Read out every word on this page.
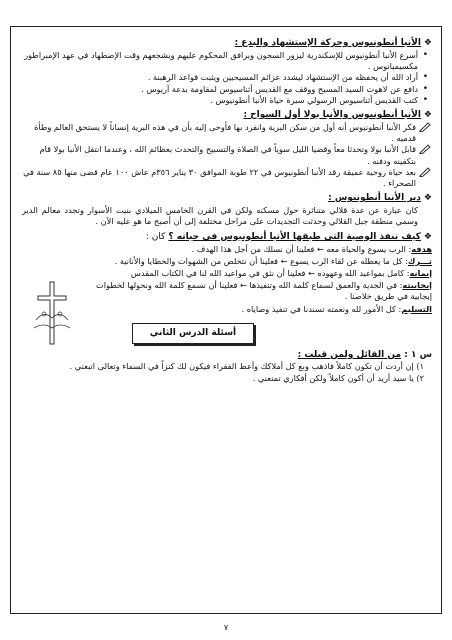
❖
الأنبا أنطونيوس وحركة الإستشهاد والبدع :
• أسرع الأنبا أنطونيوس للإسكندرية ليزور السجون ويرافق المحكوم عليهم ويشجعهم وقت الإضطهاد في عهد الإمبراطور مكسيميانوس .
• أراد الله أن يحفظه من الإستشهاد ليشدد عزائم المسيحيين ويثبت قواعد الرهبنة .
• دافع عن لاهوت السيد المسيح ووقف مع القديس أثناسيوس لمقاومة بدعة آريوس .
• كتب القديس أثناسيوس الرسولي سيرة حياة الأنبا أنطونيوس .
❖
الأنبا أنطونيوس والأنبا بولا أول السواح :
فكر الأنبا أنطونيوس أنه أول من سكن البرية وانفرد بها فأوحى إليه بأن في هذه البرية إنساناً لا يستحق العالم وطأة قدميه .
قابل الأنبا بولا وتحدثا معاً وقضيا الليل سوياً في الصلاة والتسبيح والتحدث بعظائم الله ، وعندما انتقل الأنبا بولا قام بتكفينه ودفنه .
بعد حياة روحية عميقة رقد الأنبا أنطونيوس في ٢٢ طوبة الموافق ٣٠ يناير ٣٥٦م عاش ١٠٠ عام قضى منها ٨٥ سنة في الصحراء .
❖
دير الأنبا أنطونيوس :

كان عبارة عن عدة قلالي متناثرة حول مسكنه ولكن في القرن الخامس الميلادي بنيت الأسوار وتجدد معالم الدير وسمي منطقة جبل القلالي وحدثت التجديدات على مراحل مختلفة إلى أن أصبح ما هو عليه الآن .

❖
كيف ننفذ الوصية التي طبقها الأنبا أنطونيوس في حياته ؟
كان :

هدفه: الرب يسوع والحياة معه ← فعلينا أن نسلك من أجل هذا الهدف .

تـــرك: كل ما يعطله عن لقاء الرب يسوع ← فعلينا أن نتخلص من الشهوات والخطايا والأنانية .

إيمانه: كامل بمواعيد الله وعهوده ← فعلينا أن نثق في مواعيد الله لنا في الكتاب المقدس

إيجابيته: في الجدية والعمق لسماع كلمة الله وتنفيذها ← فعلينا أن نسمع كلمة الله ونحولها لخطوات إيجابية في طريق خلاصنا .

التسليم: كل الأمور لله ونعمته تسندنا في تنفيذ وصاياه .

أسئلة الدرس الثاني
س ١ : من القائل ولمن قيلت :

١) إن أردت أن تكون كاملاً فاذهب وبع كل أملاكك وأعط الفقراء فيكون لك كنزاً في السماء وتعالى اتبعني .

٢) يا سيد أريد أن أكون كاملاً ولكن أفكاري تمنعني .

٧
